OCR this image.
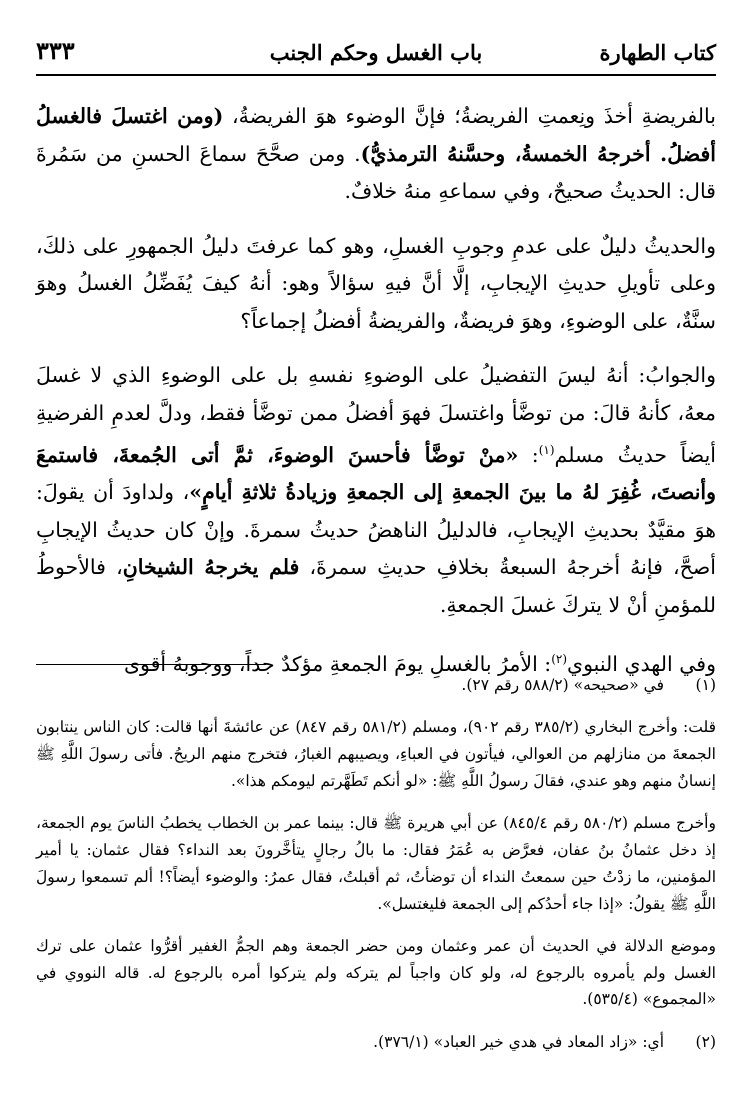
٣٣٣	باب الغسل وحكم الجنب	كتاب الطهارة

بالفريضةِ أخذَ ونِعمتِ الفريضةُ؛ فإنَّ الوضوء هوَ الفريضةُ، (ومن اغتسلَ فالغسلُ أفضلُ. أخرجهُ الخمسةُ، وحسَّنهُ الترمذيُّ). ومن صحَّحَ سماعَ الحسنِ من سَمُرةَ قال: الحديثُ صحيحٌ، وفي سماعهِ منهُ خلافٌ.

والحديثُ دليلٌ على عدمِ وجوبِ الغسلِ، وهو كما عرفتَ دليلُ الجمهورِ على ذلكَ، وعلى تأويلِ حديثِ الإيجابِ، إلَّا أنَّ فيهِ سؤالاً وهو: أنهُ كيفَ يُفَضِّلُ الغسلُ وهوَ سنَّةٌ، على الوضوءِ، وهوَ فريضةٌ، والفريضةُ أفضلُ إجماعاً؟

والجوابُ: أنهُ ليسَ التفضيلُ على الوضوءِ نفسهِ بل على الوضوءِ الذي لا غسلَ معهُ، كأنهُ قالَ: من توضَّأ واغتسلَ فهوَ أفضلُ ممن توضَّأ فقط، ودلَّ لعدمِ الفرضيةِ أيضاً حديثُ مسلم$^{(١)}$: «منْ توضَّأ فأحسنَ الوضوءَ، ثمَّ أتى الجُمعةَ، فاستمعَ وأنصتَ، غُفِرَ لهُ ما بينَ الجمعةِ إلى الجمعةِ وزيادةُ ثلاثةِ أيامٍ»، ولداودَ أن يقولَ: هوَ مقيَّدٌ بحديثِ الإيجابِ، فالدليلُ الناهضُ حديثُ سمرةَ. وإنْ كان حديثُ الإيجابِ أصحَّ، فإنهُ أخرجهُ السبعةُ بخلافِ حديثِ سمرةَ، فلم يخرجهُ الشيخانِ، فالأحوطُ للمؤمنِ أنْ لا يتركَ غسلَ الجمعةِ.

وفي الهدي النبوي$^{(٢)}$: الأمرُ بالغسلِ يومَ الجمعةِ مؤكدٌ جداً، ووجوبهُ أقوى

(١)

في «صحيحه» (٥٨٨/٢ رقم ٢٧).

قلت: وأخرج البخاري (٣٨٥/٢ رقم ٩٠٢)، ومسلم (٥٨١/٢ رقم ٨٤٧) عن عائشةَ أنها قالت: كان الناس ينتابون الجمعةَ من منازلهم من العوالي، فيأتون في العباءِ، ويصيبهم الغبارُ، فتخرج منهم الريحُ. فأتى رسولَ اللَّهِ ﷺ إنسانٌ منهم وهو عندي، فقالَ رسولُ اللَّهِ ﷺ: «لو أنكم تَطَهَّرتم ليومكم هذا».

وأخرج مسلم (٥٨٠/٢ رقم ٨٤٥/٤) عن أبي هريرة ﷺ قال: بينما عمر بن الخطاب يخطبُ الناسَ يوم الجمعة، إذ دخل عثمانُ بنُ عفان، فعرَّض به عُمَرُ فقال: ما بالُ رجالٍ يتأخَّرونَ بعد النداء؟ فقال عثمان: يا أمير المؤمنين، ما زدْتُ حين سمعتُ النداء أن توضأتُ، ثم أقبلتُ، فقال عمرُ: والوضوء أيضاً؟! ألم تسمعوا رسولَ اللَّهِ ﷺ يقولُ: «إذا جاء أحدُكم إلى الجمعة فليغتسل».

وموضع الدلالة في الحديث أن عمر وعثمان ومن حضر الجمعة وهم الجمُّ الغفير أقرُّوا عثمان على ترك الغسل ولم يأمروه بالرجوع له، ولو كان واجباً لم يتركه ولم يتركوا أمره بالرجوع له. قاله النووي في «المجموع» (٥٣٥/٤).

(٢)

أي: «زاد المعاد في هدي خير العباد» (٣٧٦/١).
